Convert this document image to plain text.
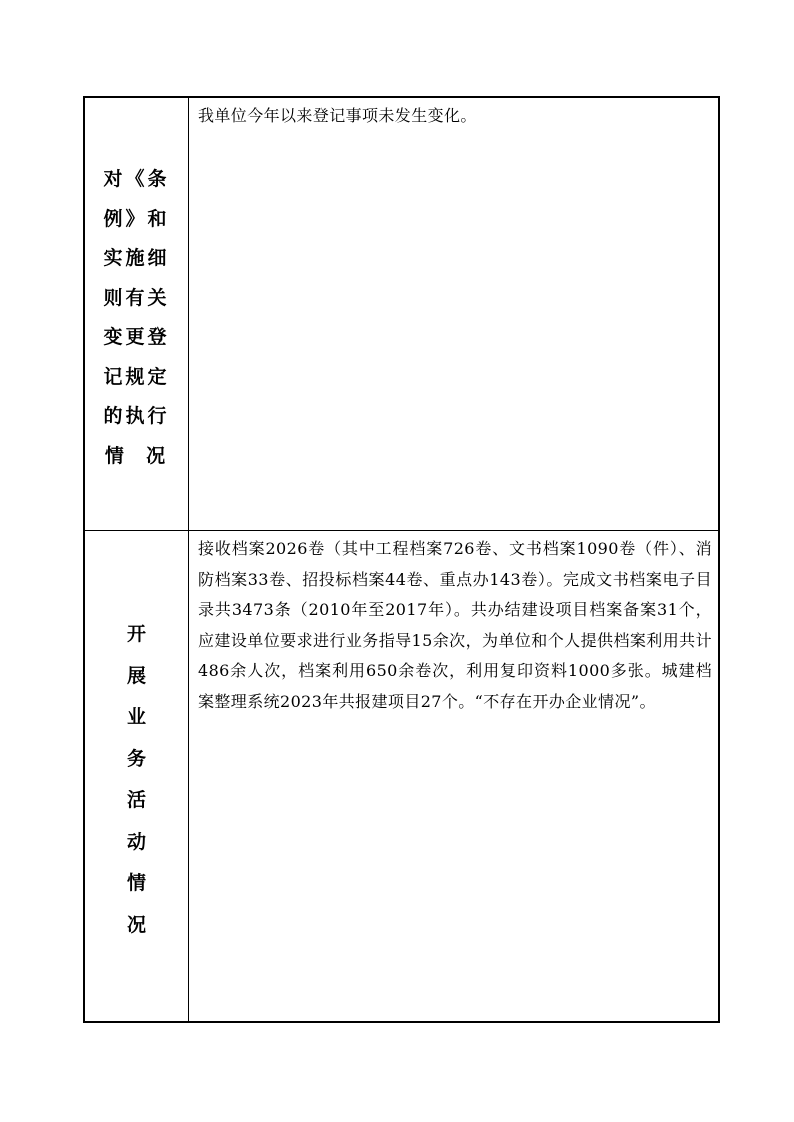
对《条
例》和
实施细
则有关
变更登
记规定
的执行
情  况

我单位今年以来登记事项未发生变化。

开
展
业
务
活
动
情
况

接收档案2026卷（其中工程档案726卷、文书档案1090卷（件）、消防档案33卷、招投标档案44卷、重点办143卷）。完成文书档案电子目录共3473条（2010年至2017年）。共办结建设项目档案备案31个，应建设单位要求进行业务指导15余次，为单位和个人提供档案利用共计486余人次，档案利用650余卷次，利用复印资料1000多张。城建档案整理系统2023年共报建项目27个。“不存在开办企业情况”。
